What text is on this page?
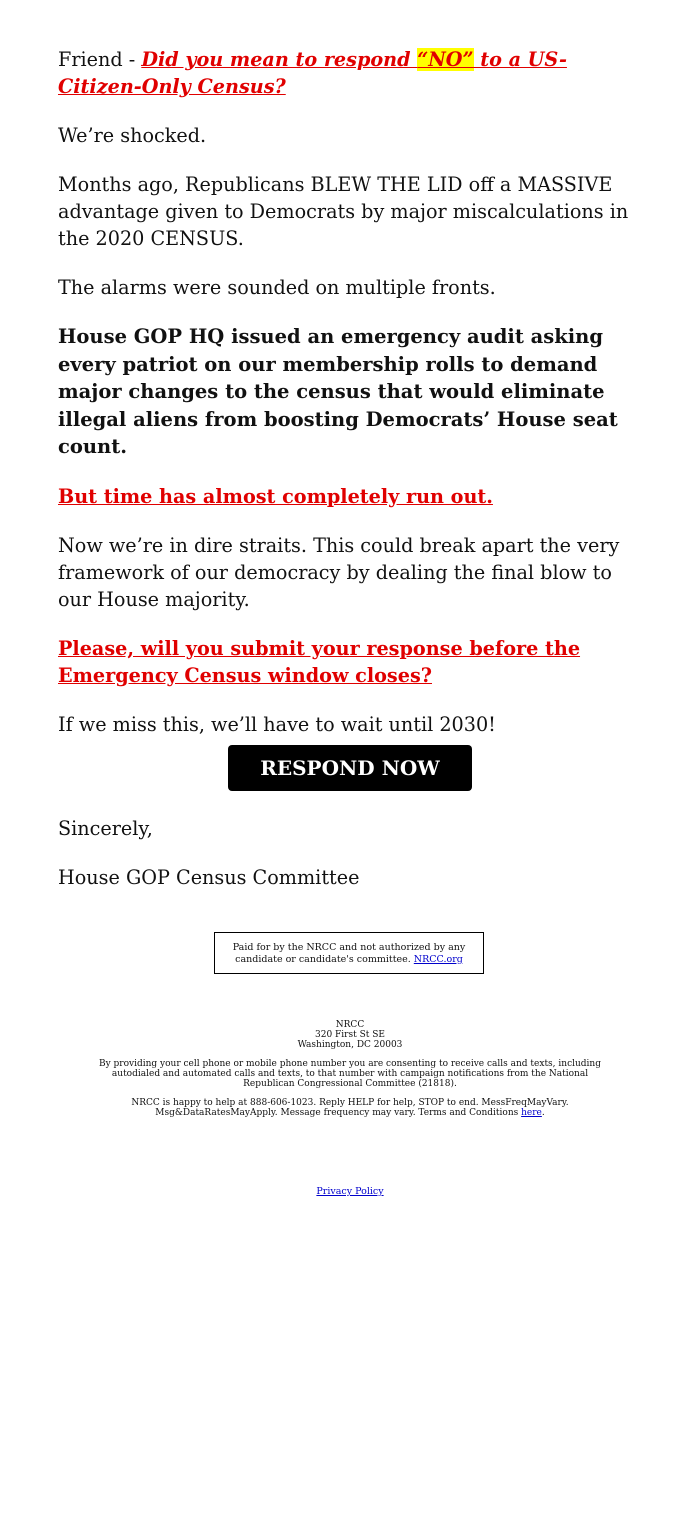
Friend - Did you mean to respond “NO” to a US-Citizen-Only Census?

We’re shocked.

Months ago, Republicans BLEW THE LID off a MASSIVE advantage given to Democrats by major miscalculations in the 2020 CENSUS.

The alarms were sounded on multiple fronts.

House GOP HQ issued an emergency audit asking every patriot on our membership rolls to demand major changes to the census that would eliminate illegal aliens from boosting Democrats’ House seat count.

But time has almost completely run out.

Now we’re in dire straits. This could break apart the very framework of our democracy by dealing the final blow to our House majority.

Please, will you submit your response before the Emergency Census window closes?

If we miss this, we’ll have to wait until 2030!

RESPOND NOW >>

Sincerely,

House GOP Census Committee

Paid for by the NRCC and not authorized by any candidate or candidate's committee. NRCC.org

NRCC

320 First St SE

Washington, DC 20003

By providing your cell phone or mobile phone number you are consenting to receive calls and texts, including autodialed and automated calls and texts, to that number with campaign notifications from the National Republican Congressional Committee (21818).

NRCC is happy to help at 888-606-1023. Reply HELP for help, STOP to end. MessFreqMayVary. Msg&DataRatesMayApply. Message frequency may vary. Terms and Conditions here.

Privacy Policy
